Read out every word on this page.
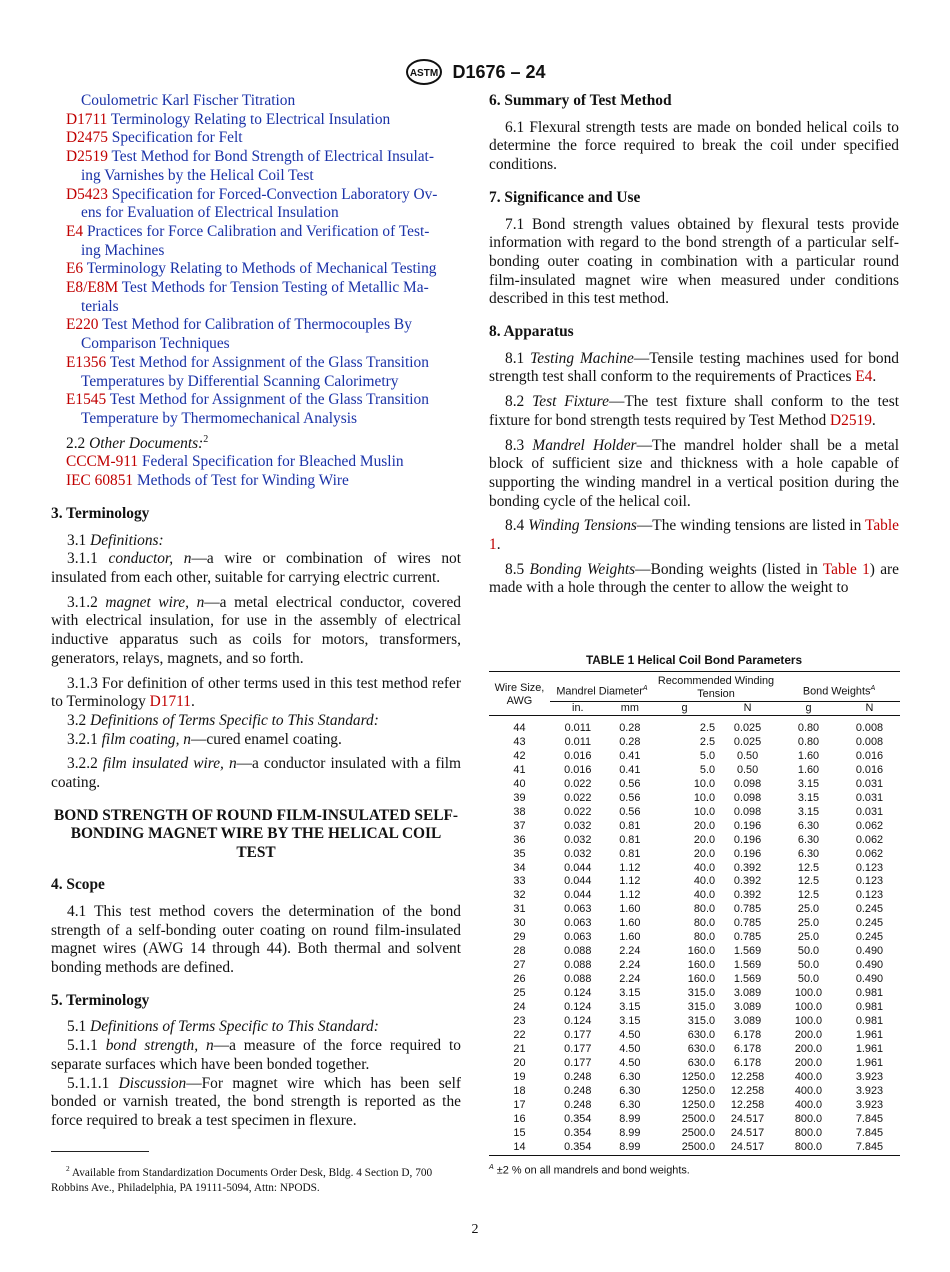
ASTM D1676 – 24
Coulometric Karl Fischer Titration
D1711 Terminology Relating to Electrical Insulation
D2475 Specification for Felt
D2519 Test Method for Bond Strength of Electrical Insulat-
ing Varnishes by the Helical Coil Test
D5423 Specification for Forced-Convection Laboratory Ov-
ens for Evaluation of Electrical Insulation
E4 Practices for Force Calibration and Verification of Test-
ing Machines
E6 Terminology Relating to Methods of Mechanical Testing
E8/E8M Test Methods for Tension Testing of Metallic Ma-
terials
E220 Test Method for Calibration of Thermocouples By
Comparison Techniques
E1356 Test Method for Assignment of the Glass Transition
Temperatures by Differential Scanning Calorimetry
E1545 Test Method for Assignment of the Glass Transition
Temperature by Thermomechanical Analysis
2.2 Other Documents:$^2$
CCCM-911 Federal Specification for Bleached Muslin
IEC 60851 Methods of Test for Winding Wire
3. Terminology
3.1 Definitions:

3.1.1 conductor, n—a wire or combination of wires not insulated from each other, suitable for carrying electric current.

3.1.2 magnet wire, n—a metal electrical conductor, covered with electrical insulation, for use in the assembly of electrical inductive apparatus such as coils for motors, transformers, generators, relays, magnets, and so forth.

3.1.3 For definition of other terms used in this test method refer to Terminology D1711.
3.2 Definitions of Terms Specific to This Standard:

3.2.1 film coating, n—cured enamel coating.

3.2.2 film insulated wire, n—a conductor insulated with a film coating.

BOND STRENGTH OF ROUND FILM-INSULATED SELF-BONDING MAGNET WIRE BY THE HELICAL COIL TEST
4. Scope

4.1 This test method covers the determination of the bond strength of a self-bonding outer coating on round film-insulated magnet wires (AWG 14 through 44). Both thermal and solvent bonding methods are defined.

5. Terminology
5.1 Definitions of Terms Specific to This Standard:
5.1.1 bond strength, n—a measure of the force required to separate surfaces which have been bonded together.
5.1.1.1 Discussion—For magnet wire which has been self bonded or varnish treated, the bond strength is reported as the force required to break a test specimen in flexure.
$^2$ Available from Standardization Documents Order Desk, Bldg. 4 Section D, 700 Robbins Ave., Philadelphia, PA 19111-5094, Attn: NPODS.
6. Summary of Test Method

6.1 Flexural strength tests are made on bonded helical coils to determine the force required to break the coil under specified conditions.

7. Significance and Use

7.1 Bond strength values obtained by flexural tests provide information with regard to the bond strength of a particular self-bonding outer coating in combination with a particular round film-insulated magnet wire when measured under conditions described in this test method.

8. Apparatus

8.1 Testing Machine—Tensile testing machines used for bond strength test shall conform to the requirements of Practices E4.

8.2 Test Fixture—The test fixture shall conform to the test fixture for bond strength tests required by Test Method D2519.

8.3 Mandrel Holder—The mandrel holder shall be a metal block of sufficient size and thickness with a hole capable of supporting the winding mandrel in a vertical position during the bonding cycle of the helical coil.

8.4 Winding Tensions—The winding tensions are listed in Table 1.

8.5 Bonding Weights—Bonding weights (listed in Table 1) are made with a hole through the center to allow the weight to

TABLE 1 Helical Coil Bond Parameters
Wire Size, AWG	Mandrel Diameter$^A$		Recommended Winding Tension		Bond Weights$^A$
	in.	mm	g	N	g	N
44	0.011	0.28	2.5	0.025	0.80	0.008
43	0.011	0.28	2.5	0.025	0.80	0.008
42	0.016	0.41	5.0	0.50	1.60	0.016
41	0.016	0.41	5.0	0.50	1.60	0.016
40	0.022	0.56	10.0	0.098	3.15	0.031
39	0.022	0.56	10.0	0.098	3.15	0.031
38	0.022	0.56	10.0	0.098	3.15	0.031
37	0.032	0.81	20.0	0.196	6.30	0.062
36	0.032	0.81	20.0	0.196	6.30	0.062
35	0.032	0.81	20.0	0.196	6.30	0.062
34	0.044	1.12	40.0	0.392	12.5	0.123
33	0.044	1.12	40.0	0.392	12.5	0.123
32	0.044	1.12	40.0	0.392	12.5	0.123
31	0.063	1.60	80.0	0.785	25.0	0.245
30	0.063	1.60	80.0	0.785	25.0	0.245
29	0.063	1.60	80.0	0.785	25.0	0.245
28	0.088	2.24	160.0	1.569	50.0	0.490
27	0.088	2.24	160.0	1.569	50.0	0.490
26	0.088	2.24	160.0	1.569	50.0	0.490
25	0.124	3.15	315.0	3.089	100.0	0.981
24	0.124	3.15	315.0	3.089	100.0	0.981
23	0.124	3.15	315.0	3.089	100.0	0.981
22	0.177	4.50	630.0	6.178	200.0	1.961
21	0.177	4.50	630.0	6.178	200.0	1.961
20	0.177	4.50	630.0	6.178	200.0	1.961
19	0.248	6.30	1250.0	12.258	400.0	3.923
18	0.248	6.30	1250.0	12.258	400.0	3.923
17	0.248	6.30	1250.0	12.258	400.0	3.923
16	0.354	8.99	2500.0	24.517	800.0	7.845
15	0.354	8.99	2500.0	24.517	800.0	7.845
14	0.354	8.99	2500.0	24.517	800.0	7.845
$^A$ ±2 % on all mandrels and bond weights.
2
